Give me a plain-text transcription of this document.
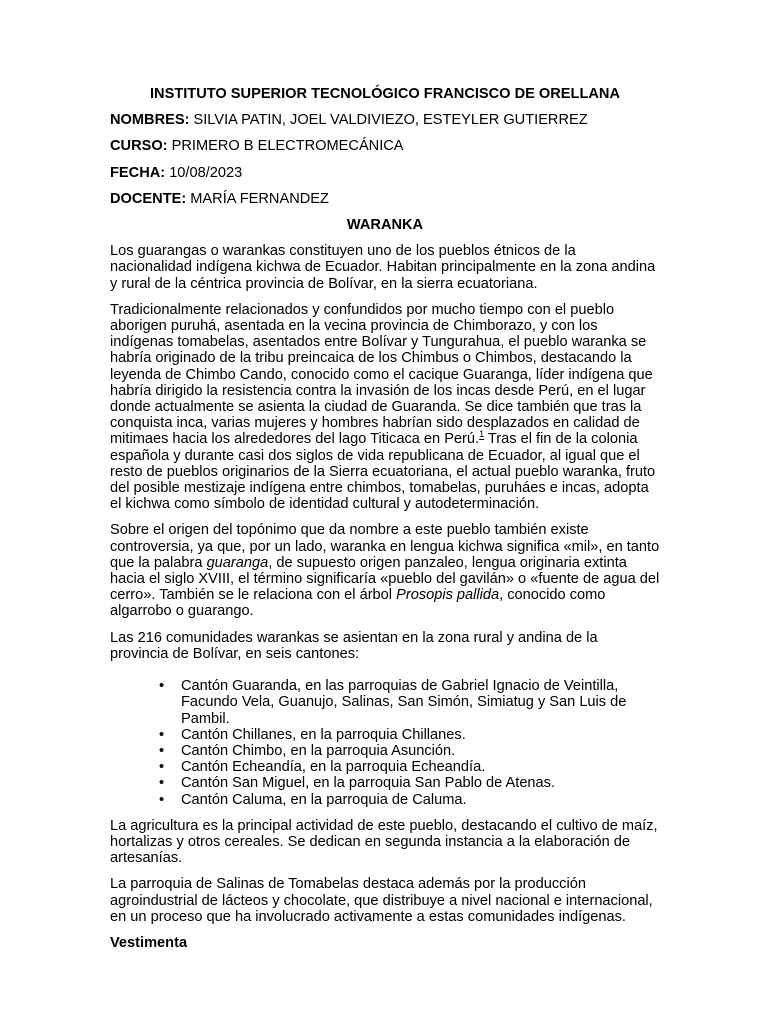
INSTITUTO SUPERIOR TECNOLÓGICO FRANCISCO DE ORELLANA
NOMBRES: SILVIA PATIN, JOEL VALDIVIEZO, ESTEYLER GUTIERREZ
CURSO: PRIMERO B ELECTROMECÁNICA
FECHA: 10/08/2023
DOCENTE: MARÍA FERNANDEZ
WARANKA

Los guarangas o warankas constituyen uno de los pueblos étnicos de la nacionalidad indígena kichwa de Ecuador. Habitan principalmente en la zona andina y rural de la céntrica provincia de Bolívar, en la sierra ecuatoriana.

Tradicionalmente relacionados y confundidos por mucho tiempo con el pueblo aborigen puruhá, asentada en la vecina provincia de Chimborazo, y con los indígenas tomabelas, asentados entre Bolívar y Tungurahua, el pueblo waranka se habría originado de la tribu preincaica de los Chimbus o Chimbos, destacando la leyenda de Chimbo Cando, conocido como el cacique Guaranga, líder indígena que habría dirigido la resistencia contra la invasión de los incas desde Perú, en el lugar donde actualmente se asienta la ciudad de Guaranda. Se dice también que tras la conquista inca, varias mujeres y hombres habrían sido desplazados en calidad de mitimaes hacia los alrededores del lago Titicaca en Perú.$^1$ Tras el fin de la colonia española y durante casi dos siglos de vida republicana de Ecuador, al igual que el resto de pueblos originarios de la Sierra ecuatoriana, el actual pueblo waranka, fruto del posible mestizaje indígena entre chimbos, tomabelas, puruháes e incas, adopta el kichwa como símbolo de identidad cultural y autodeterminación.

Sobre el origen del topónimo que da nombre a este pueblo también existe controversia, ya que, por un lado, waranka en lengua kichwa significa «mil», en tanto que la palabra guaranga, de supuesto origen panzaleo, lengua originaria extinta hacia el siglo XVIII, el término significaría «pueblo del gavilán» o «fuente de agua del cerro». También se le relaciona con el árbol Prosopis pallida, conocido como algarrobo o guarango.

Las 216 comunidades warankas se asientan en la zona rural y andina de la provincia de Bolívar, en seis cantones:

• Cantón Guaranda, en las parroquias de Gabriel Ignacio de Veintilla, Facundo Vela, Guanujo, Salinas, San Simón, Simiatug y San Luis de Pambil.
• Cantón Chillanes, en la parroquia Chillanes.
• Cantón Chimbo, en la parroquia Asunción.
• Cantón Echeandía, en la parroquia Echeandía.
• Cantón San Miguel, en la parroquia San Pablo de Atenas.
• Cantón Caluma, en la parroquia de Caluma.

La agricultura es la principal actividad de este pueblo, destacando el cultivo de maíz, hortalizas y otros cereales. Se dedican en segunda instancia a la elaboración de artesanías.

La parroquia de Salinas de Tomabelas destaca además por la producción agroindustrial de lácteos y chocolate, que distribuye a nivel nacional e internacional, en un proceso que ha involucrado activamente a estas comunidades indígenas.

Vestimenta
